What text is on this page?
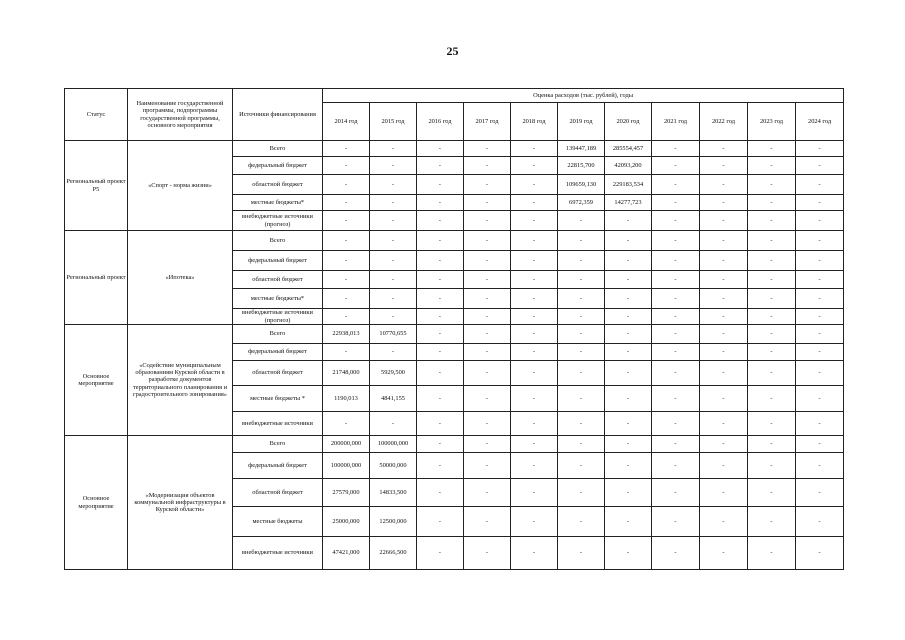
25
Статус	Наименование государственной программы, подпрограммы государственной программы, основного мероприятия	Источники финансирования	Оценка расходов (тыс. рублей), годы										
			2014 год	2015 год	2016 год	2017 год	2018 год	2019 год	2020 год	2021 год	2022 год	2023 год	2024 год
Региональный проект Р5	«Спорт - норма жизни»	Всего	-	-	-	-	-	139447,189	285554,457	-	-	-	-
		федеральный бюджет	-	-	-	-	-	22815,700	42093,200	-	-	-	-
		областной бюджет	-	-	-	-	-	109659,130	229183,534	-	-	-	-
		местные бюджеты*	-	-	-	-	-	6972,359	14277,723	-	-	-	-
		внебюджетные источники (прогноз)	-	-	-	-	-	-	-	-	-	-	-
Региональный проект	«Ипотека»	Всего	-	-	-	-	-	-	-	-	-	-	-
		федеральный бюджет	-	-	-	-	-	-	-	-	-	-	-
		областной бюджет	-	-	-	-	-	-	-	-	-	-	-
		местные бюджеты*	-	-	-	-	-	-	-	-	-	-	-
		внебюджетные источники (прогноз)	-	-	-	-	-	-	-	-	-	-	-
Основное мероприятие	«Содействие муниципальным образованиям Курской области в разработке документов территориального планирования и градостроительного зонирования»	Всего	22938,013	10770,655	-	-	-	-	-	-	-	-	-
		федеральный бюджет	-	-	-	-	-	-	-	-	-	-	-
		областной бюджет	21748,000	5929,500	-	-	-	-	-	-	-	-	-
		местные бюджеты *	1190,013	4841,155	-	-	-	-	-	-	-	-	-
		внебюджетные источники	-	-	-	-	-	-	-	-	-	-	-
Основное мероприятие	«Модернизация объектов коммунальной инфраструктуры в Курской области»	Всего	200000,000	100000,000	-	-	-	-	-	-	-	-	-
		федеральный бюджет	100000,000	50000,000	-	-	-	-	-	-	-	-	-
		областной бюджет	27579,000	14833,500	-	-	-	-	-	-	-	-	-
		местные бюджеты	25000,000	12500,000	-	-	-	-	-	-	-	-	-
		внебюджетные источники	47421,000	22666,500	-	-	-	-	-	-	-	-	-
